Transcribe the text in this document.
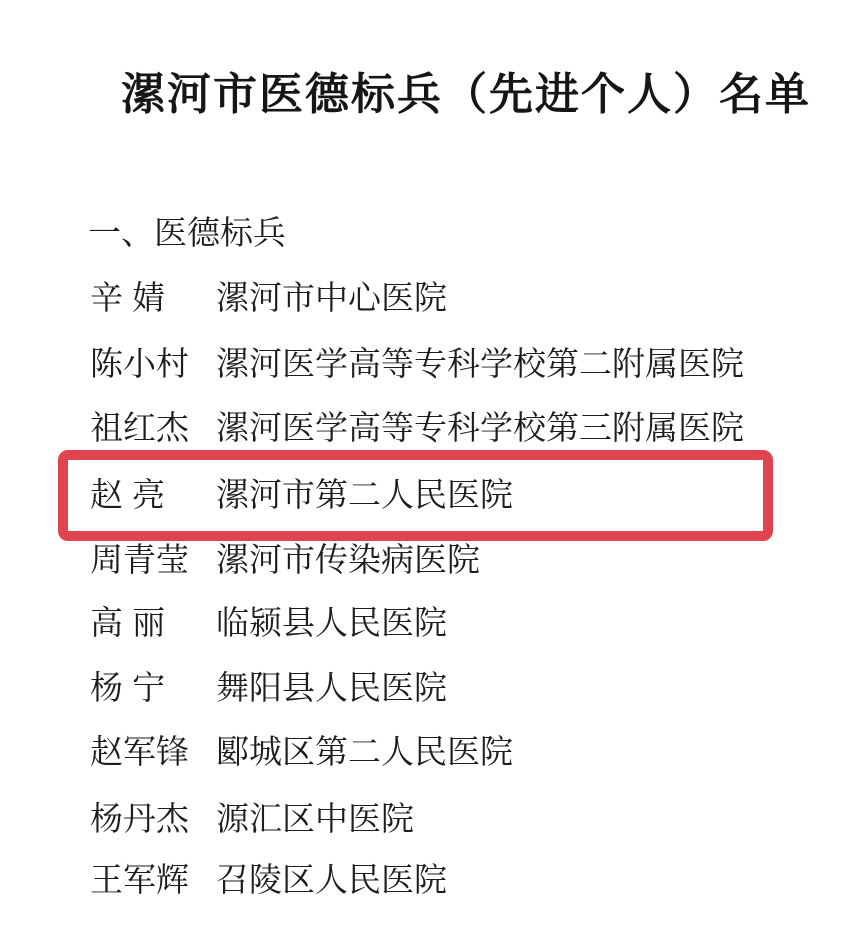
漯河市医德标兵（先进个人）名单
一、医德标兵
辛 婧 漯河市中心医院
陈小村 漯河医学高等专科学校第二附属医院
祖红杰 漯河医学高等专科学校第三附属医院
赵 亮 漯河市第二人民医院
周青莹 漯河市传染病医院
高 丽 临颍县人民医院
杨 宁 舞阳县人民医院
赵军锋 郾城区第二人民医院
杨丹杰 源汇区中医院
王军辉 召陵区人民医院
